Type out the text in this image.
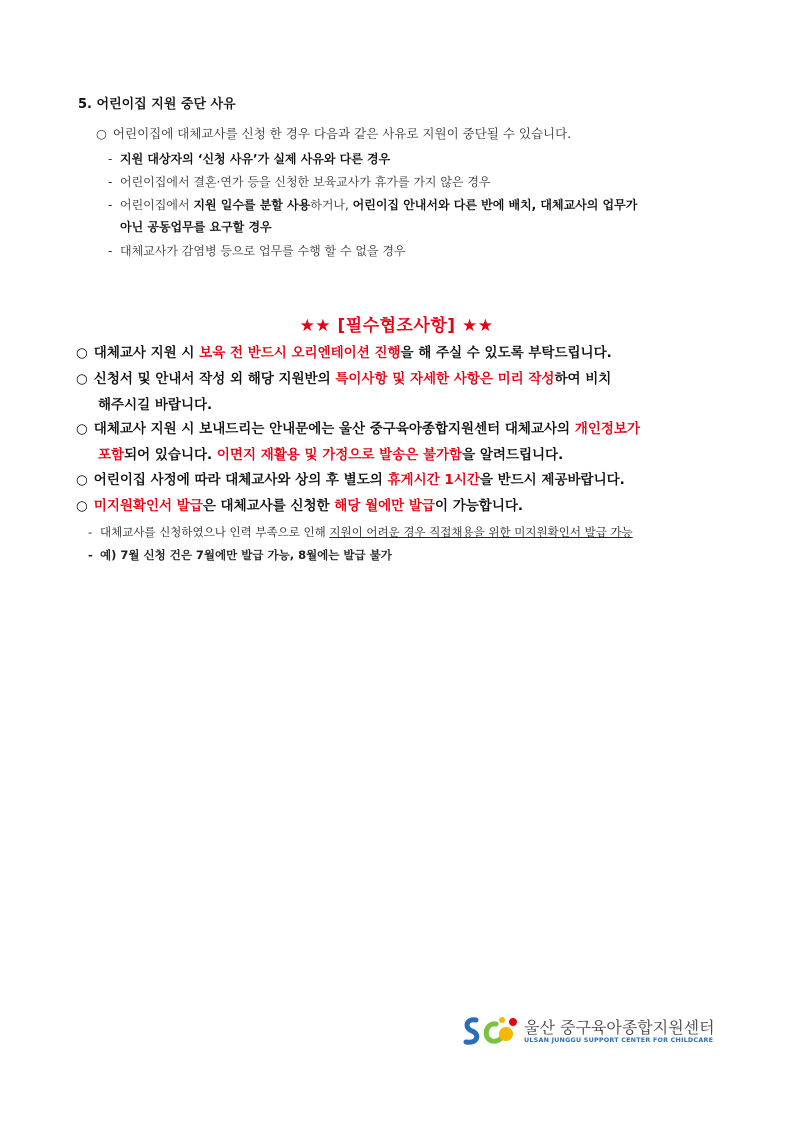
5. 어린이집 지원 중단 사유
○ 어린이집에 대체교사를 신청 한 경우 다음과 같은 사유로 지원이 중단될 수 있습니다.
- 지원 대상자의 ‘신청 사유’가 실제 사유와 다른 경우
- 어린이집에서 결혼·연가 등을 신청한 보육교사가 휴가를 가지 않은 경우
- 어린이집에서 지원 일수를 분할 사용하거나, 어린이집 안내서와 다른 반에 배치, 대체교사의 업무가
아닌 공동업무를 요구할 경우
- 대체교사가 감염병 등으로 업무를 수행 할 수 없을 경우
★★ [필수협조사항] ★★
○ 대체교사 지원 시 보육 전 반드시 오리엔테이션 진행을 해 주실 수 있도록 부탁드립니다.
○ 신청서 및 안내서 작성 외 해당 지원반의 특이사항 및 자세한 사항은 미리 작성하여 비치
해주시길 바랍니다.
○ 대체교사 지원 시 보내드리는 안내문에는 울산 중구육아종합지원센터 대체교사의 개인정보가
포함되어 있습니다. 이면지 재활용 및 가정으로 발송은 불가함을 알려드립니다.
○ 어린이집 사정에 따라 대체교사와 상의 후 별도의 휴게시간 1시간을 반드시 제공바랍니다.
○ 미지원확인서 발급은 대체교사를 신청한 해당 월에만 발급이 가능합니다.
- 대체교사를 신청하였으나 인력 부족으로 인해 지원이 어려운 경우 직접채용을 위한 미지원확인서 발급 가능
- 예) 7월 신청 건은 7월에만 발급 가능, 8월에는 발급 불가
울산 중구육아종합지원센터
ULSAN JUNGGU SUPPORT CENTER FOR CHILDCARE
